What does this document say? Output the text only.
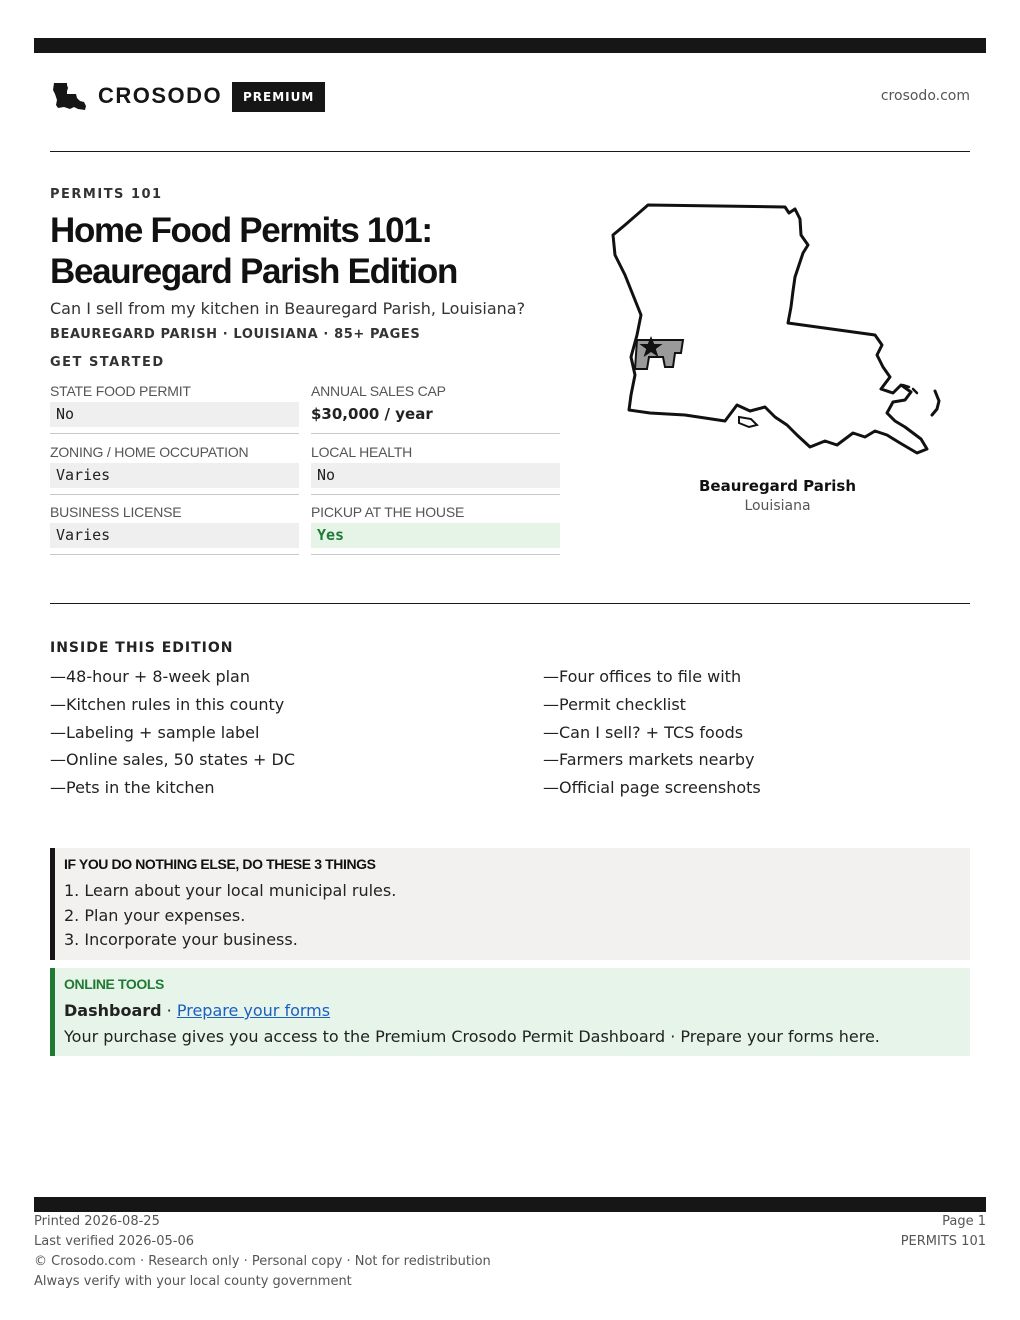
CROSODO	PREMIUM	crosodo.com
PERMITS 101
Home Food Permits 101:
Beauregard Parish Edition
Can I sell from my kitchen in Beauregard Parish, Louisiana?
BEAUREGARD PARISH · LOUISIANA · 85+ PAGES
GET STARTED
STATE FOOD PERMIT
No
ANNUAL SALES CAP
$30,000 / year
ZONING / HOME OCCUPATION
Varies
LOCAL HEALTH
No
BUSINESS LICENSE
Varies
PICKUP AT THE HOUSE
Yes
Beauregard Parish
Louisiana
INSIDE THIS EDITION
—48-hour + 8-week plan
—Kitchen rules in this county
—Labeling + sample label
—Online sales, 50 states + DC
—Pets in the kitchen
—Four offices to file with
—Permit checklist
—Can I sell? + TCS foods
—Farmers markets nearby
—Official page screenshots
IF YOU DO NOTHING ELSE, DO THESE 3 THINGS
1. Learn about your local municipal rules.
2. Plan your expenses.
3. Incorporate your business.
ONLINE TOOLS
Dashboard · Prepare your forms
Your purchase gives you access to the Premium Crosodo Permit Dashboard · Prepare your forms here.
Printed 2026-08-25
Last verified 2026-05-06
© Crosodo.com · Research only · Personal copy · Not for redistribution
Always verify with your local county government
Page 1
PERMITS 101
